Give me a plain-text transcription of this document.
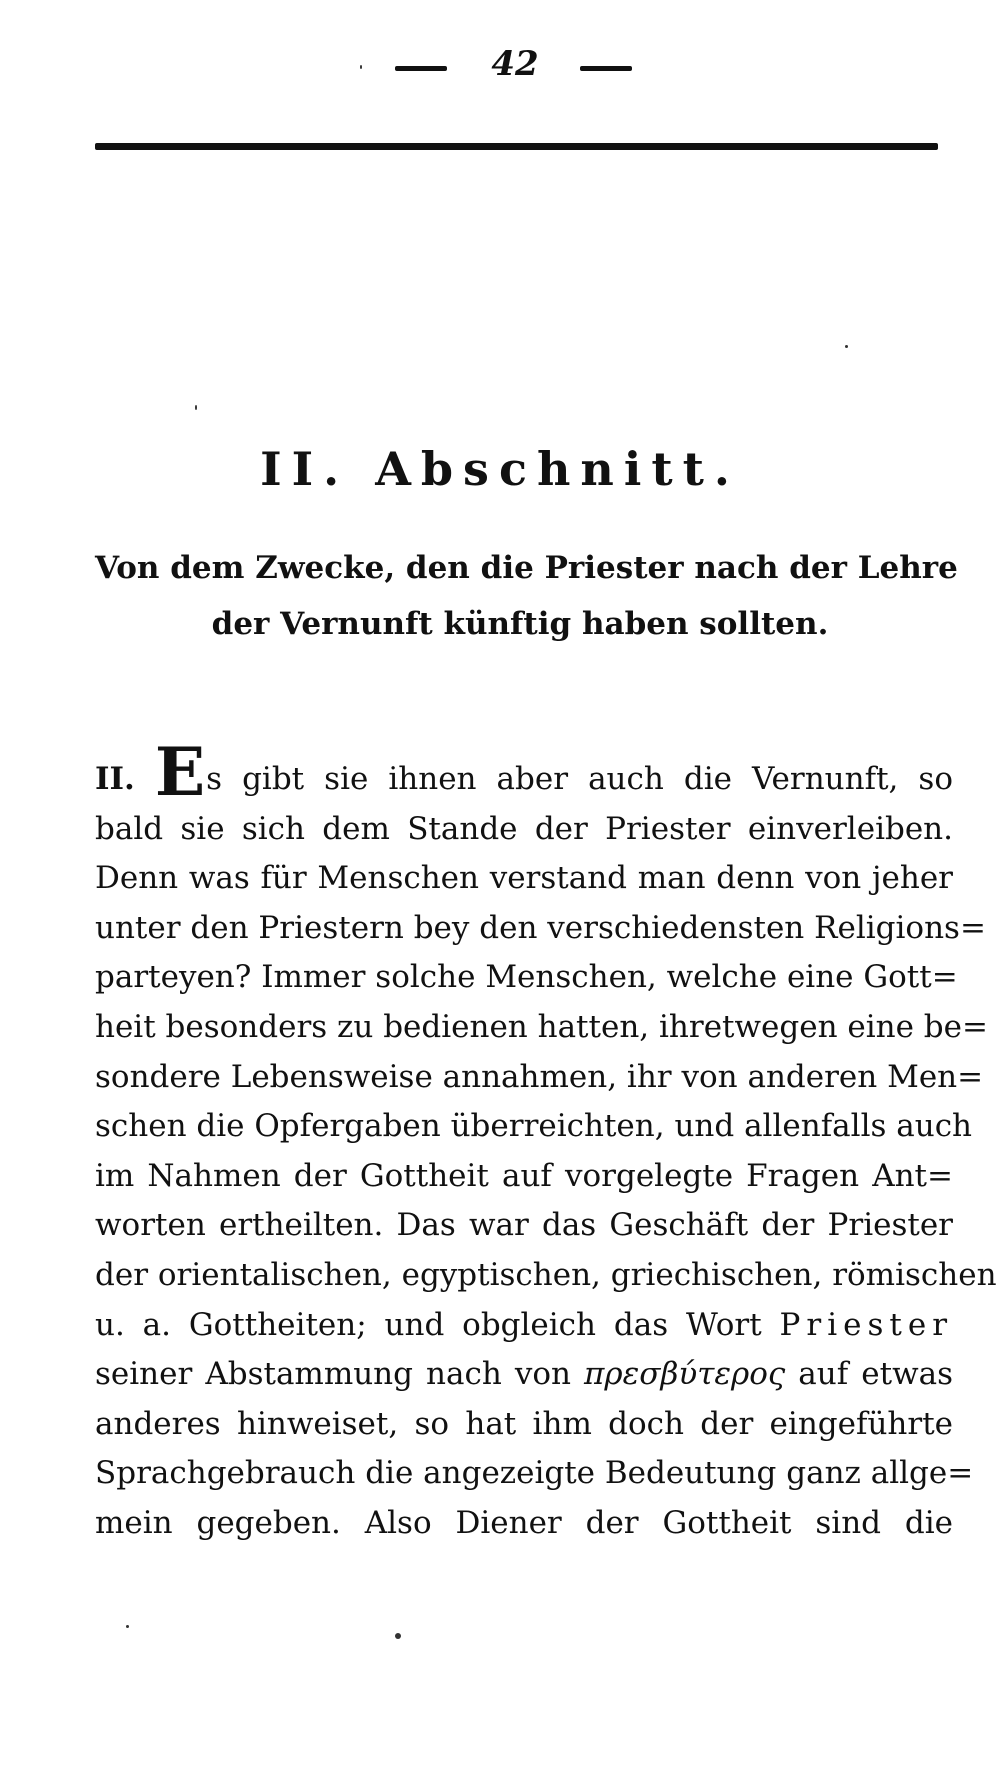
42
II. Abschnitt.
Von dem Zwecke, den die Priester nach der Lehre
der Vernunft künftig haben sollten.
II. Es gibt sie ihnen aber auch die Vernunft, so
bald sie sich dem Stande der Priester einverleiben.
Denn was für Menschen verstand man denn von jeher
unter den Priestern bey den verschiedensten Religions=
parteyen? Immer solche Menschen, welche eine Gott=
heit besonders zu bedienen hatten, ihretwegen eine be=
sondere Lebensweise annahmen, ihr von anderen Men=
schen die Opfergaben überreichten, und allenfalls auch
im Nahmen der Gottheit auf vorgelegte Fragen Ant=
worten ertheilten. Das war das Geschäft der Priester
der orientalischen, egyptischen, griechischen, römischen
u. a. Gottheiten; und obgleich das Wort Priester
seiner Abstammung nach von πρεσβύτερος auf etwas
anderes hinweiset, so hat ihm doch der eingeführte
Sprachgebrauch die angezeigte Bedeutung ganz allge=
mein gegeben. Also Diener der Gottheit sind die
